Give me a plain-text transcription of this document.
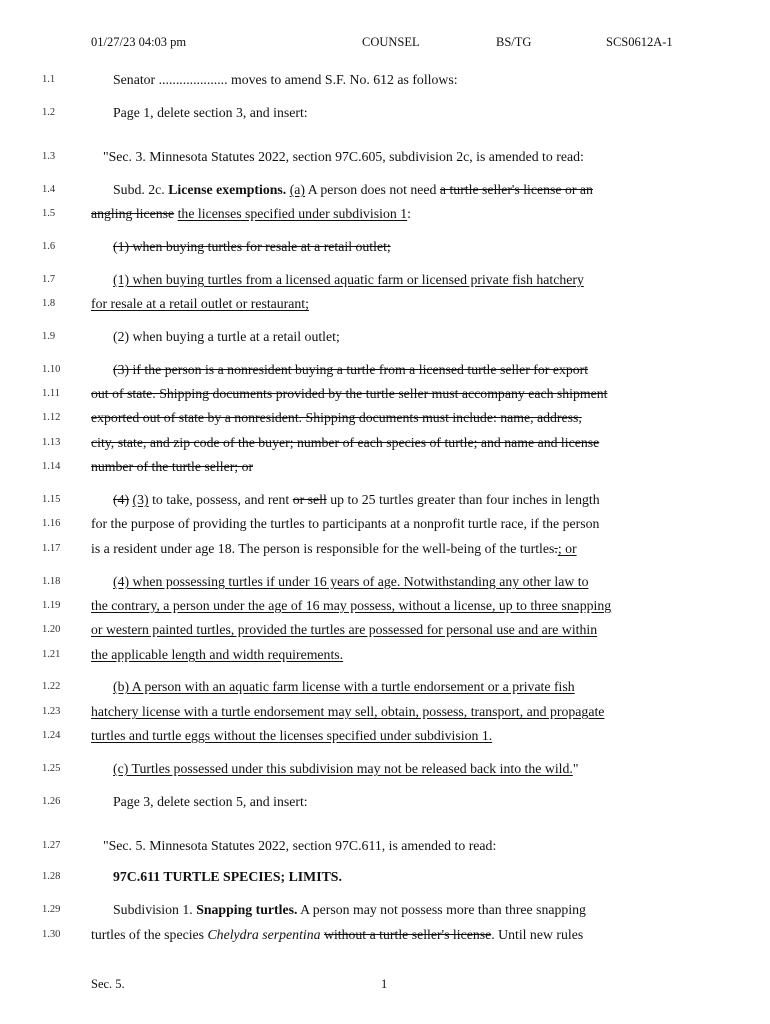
01/27/23 04:03 pm	COUNSEL	BS/TG	SCS0612A-1
1.1
1.2
1.3
1.4
1.5
1.6
1.7
1.8
1.9
1.10
1.11
1.12
1.13
1.14
1.15
1.16
1.17
1.18
1.19
1.20
1.21
1.22
1.23
1.24
1.25
1.26
1.27
1.28
1.29
1.30
Senator .................... moves to amend S.F. No. 612 as follows:
Page 1, delete section 3, and insert:
"Sec. 3. Minnesota Statutes 2022, section 97C.605, subdivision 2c, is amended to read:
Subd. 2c. License exemptions. (a) A person does not need a turtle seller's license or an
angling license the licenses specified under subdivision 1:
(1) when buying turtles for resale at a retail outlet;
(1) when buying turtles from a licensed aquatic farm or licensed private fish hatchery
for resale at a retail outlet or restaurant;
(2) when buying a turtle at a retail outlet;
(3) if the person is a nonresident buying a turtle from a licensed turtle seller for export
out of state. Shipping documents provided by the turtle seller must accompany each shipment
exported out of state by a nonresident. Shipping documents must include: name, address,
city, state, and zip code of the buyer; number of each species of turtle; and name and license
number of the turtle seller; or
(4) (3) to take, possess, and rent or sell up to 25 turtles greater than four inches in length
for the purpose of providing the turtles to participants at a nonprofit turtle race, if the person
is a resident under age 18. The person is responsible for the well-being of the turtles.; or
(4) when possessing turtles if under 16 years of age. Notwithstanding any other law to
the contrary, a person under the age of 16 may possess, without a license, up to three snapping
or western painted turtles, provided the turtles are possessed for personal use and are within
the applicable length and width requirements.
(b) A person with an aquatic farm license with a turtle endorsement or a private fish
hatchery license with a turtle endorsement may sell, obtain, possess, transport, and propagate
turtles and turtle eggs without the licenses specified under subdivision 1.
(c) Turtles possessed under this subdivision may not be released back into the wild."
Page 3, delete section 5, and insert:
"Sec. 5. Minnesota Statutes 2022, section 97C.611, is amended to read:
97C.611 TURTLE SPECIES; LIMITS.
Subdivision 1. Snapping turtles. A person may not possess more than three snapping
turtles of the species Chelydra serpentina without a turtle seller's license. Until new rules
Sec. 5.	1
